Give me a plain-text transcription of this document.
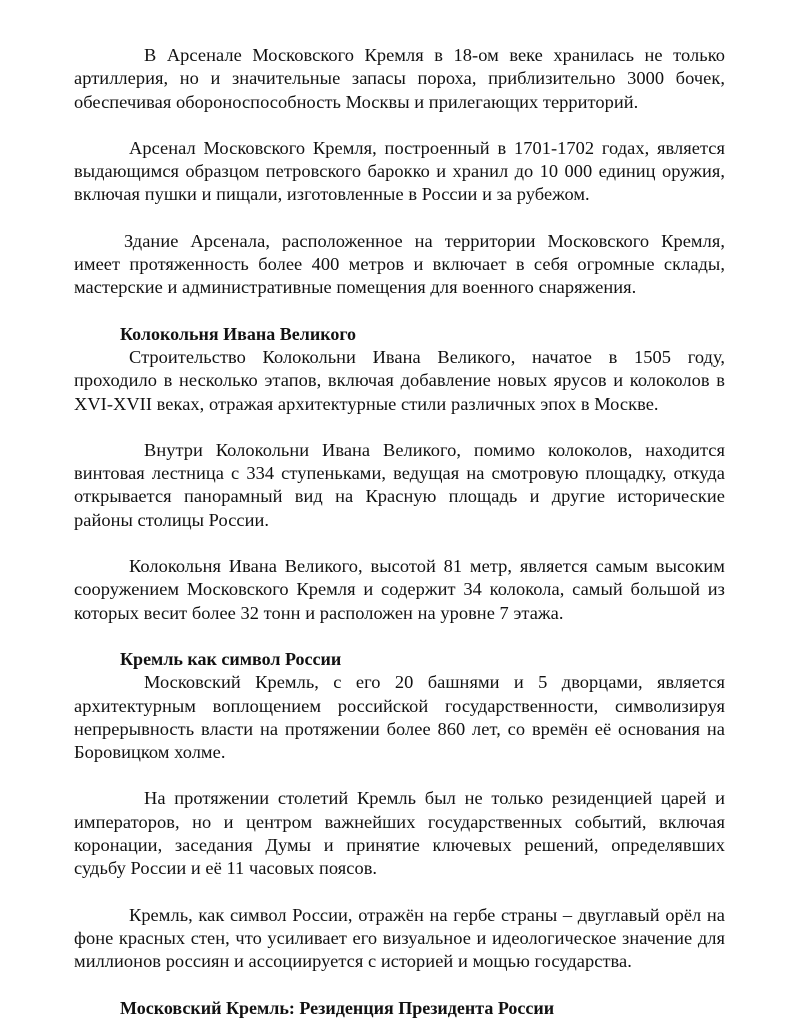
В Арсенале Московского Кремля в 18-ом веке хранилась не только артиллерия, но и значительные запасы пороха, приблизительно 3000 бочек, обеспечивая обороноспособность Москвы и прилегающих территорий.

Арсенал Московского Кремля, построенный в 1701-1702 годах, является выдающимся образцом петровского барокко и хранил до 10 000 единиц оружия, включая пушки и пищали, изготовленные в России и за рубежом.

Здание Арсенала, расположенное на территории Московского Кремля, имеет протяженность более 400 метров и включает в себя огромные склады, мастерские и административные помещения для военного снаряжения.

Колокольня Ивана Великого

Строительство Колокольни Ивана Великого, начатое в 1505 году, проходило в несколько этапов, включая добавление новых ярусов и колоколов в XVI-XVII веках, отражая архитектурные стили различных эпох в Москве.

Внутри Колокольни Ивана Великого, помимо колоколов, находится винтовая лестница с 334 ступеньками, ведущая на смотровую площадку, откуда открывается панорамный вид на Красную площадь и другие исторические районы столицы России.

Колокольня Ивана Великого, высотой 81 метр, является самым высоким сооружением Московского Кремля и содержит 34 колокола, самый большой из которых весит более 32 тонн и расположен на уровне 7 этажа.

Кремль как символ России

Московский Кремль, с его 20 башнями и 5 дворцами, является архитектурным воплощением российской государственности, символизируя непрерывность власти на протяжении более 860 лет, со времён её основания на Боровицком холме.

На протяжении столетий Кремль был не только резиденцией царей и императоров, но и центром важнейших государственных событий, включая коронации, заседания Думы и принятие ключевых решений, определявших судьбу России и её 11 часовых поясов.

Кремль, как символ России, отражён на гербе страны – двуглавый орёл на фоне красных стен, что усиливает его визуальное и идеологическое значение для миллионов россиян и ассоциируется с историей и мощью государства.

Московский Кремль: Резиденция Президента России
